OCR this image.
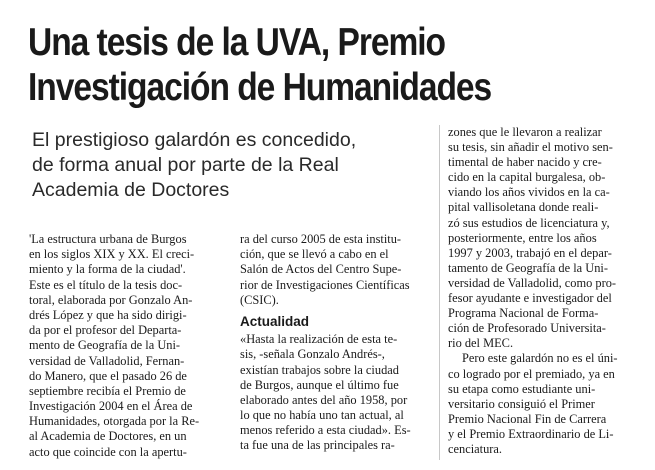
Una tesis de la UVA, Premio
Investigación de Humanidades
El prestigioso galardón es concedido,
de forma anual por parte de la Real
Academia de Doctores
'La estructura urbana de Burgos
en los siglos XIX y XX. El creci-
miento y la forma de la ciudad'.
Este es el título de la tesis doc-
toral, elaborada por Gonzalo An-
drés López y que ha sido dirigi-
da por el profesor del Departa-
mento de Geografía de la Uni-
versidad de Valladolid, Fernan-
do Manero, que el pasado 26 de
septiembre recibía el Premio de
Investigación 2004 en el Área de
Humanidades, otorgada por la Re-
al Academia de Doctores, en un
acto que coincide con la apertu-
ra del curso 2005 de esta institu-
ción, que se llevó a cabo en el
Salón de Actos del Centro Supe-
rior de Investigaciones Científicas
(CSIC).
Actualidad
«Hasta la realización de esta te-
sis, -señala Gonzalo Andrés-,
existían trabajos sobre la ciudad
de Burgos, aunque el último fue
elaborado antes del año 1958, por
lo que no había uno tan actual, al
menos referido a esta ciudad». Es-
ta fue una de las principales ra-
zones que le llevaron a realizar
su tesis, sin añadir el motivo sen-
timental de haber nacido y cre-
cido en la capital burgalesa, ob-
viando los años vividos en la ca-
pital vallisoletana donde reali-
zó sus estudios de licenciatura y,
posteriormente, entre los años
1997 y 2003, trabajó en el depar-
tamento de Geografía de la Uni-
versidad de Valladolid, como pro-
fesor ayudante e investigador del
Programa Nacional de Forma-
ción de Profesorado Universita-
rio del MEC.
Pero este galardón no es el úni-
co logrado por el premiado, ya en
su etapa como estudiante uni-
versitario consiguió el Primer
Premio Nacional Fin de Carrera
y el Premio Extraordinario de Li-
cenciatura.
